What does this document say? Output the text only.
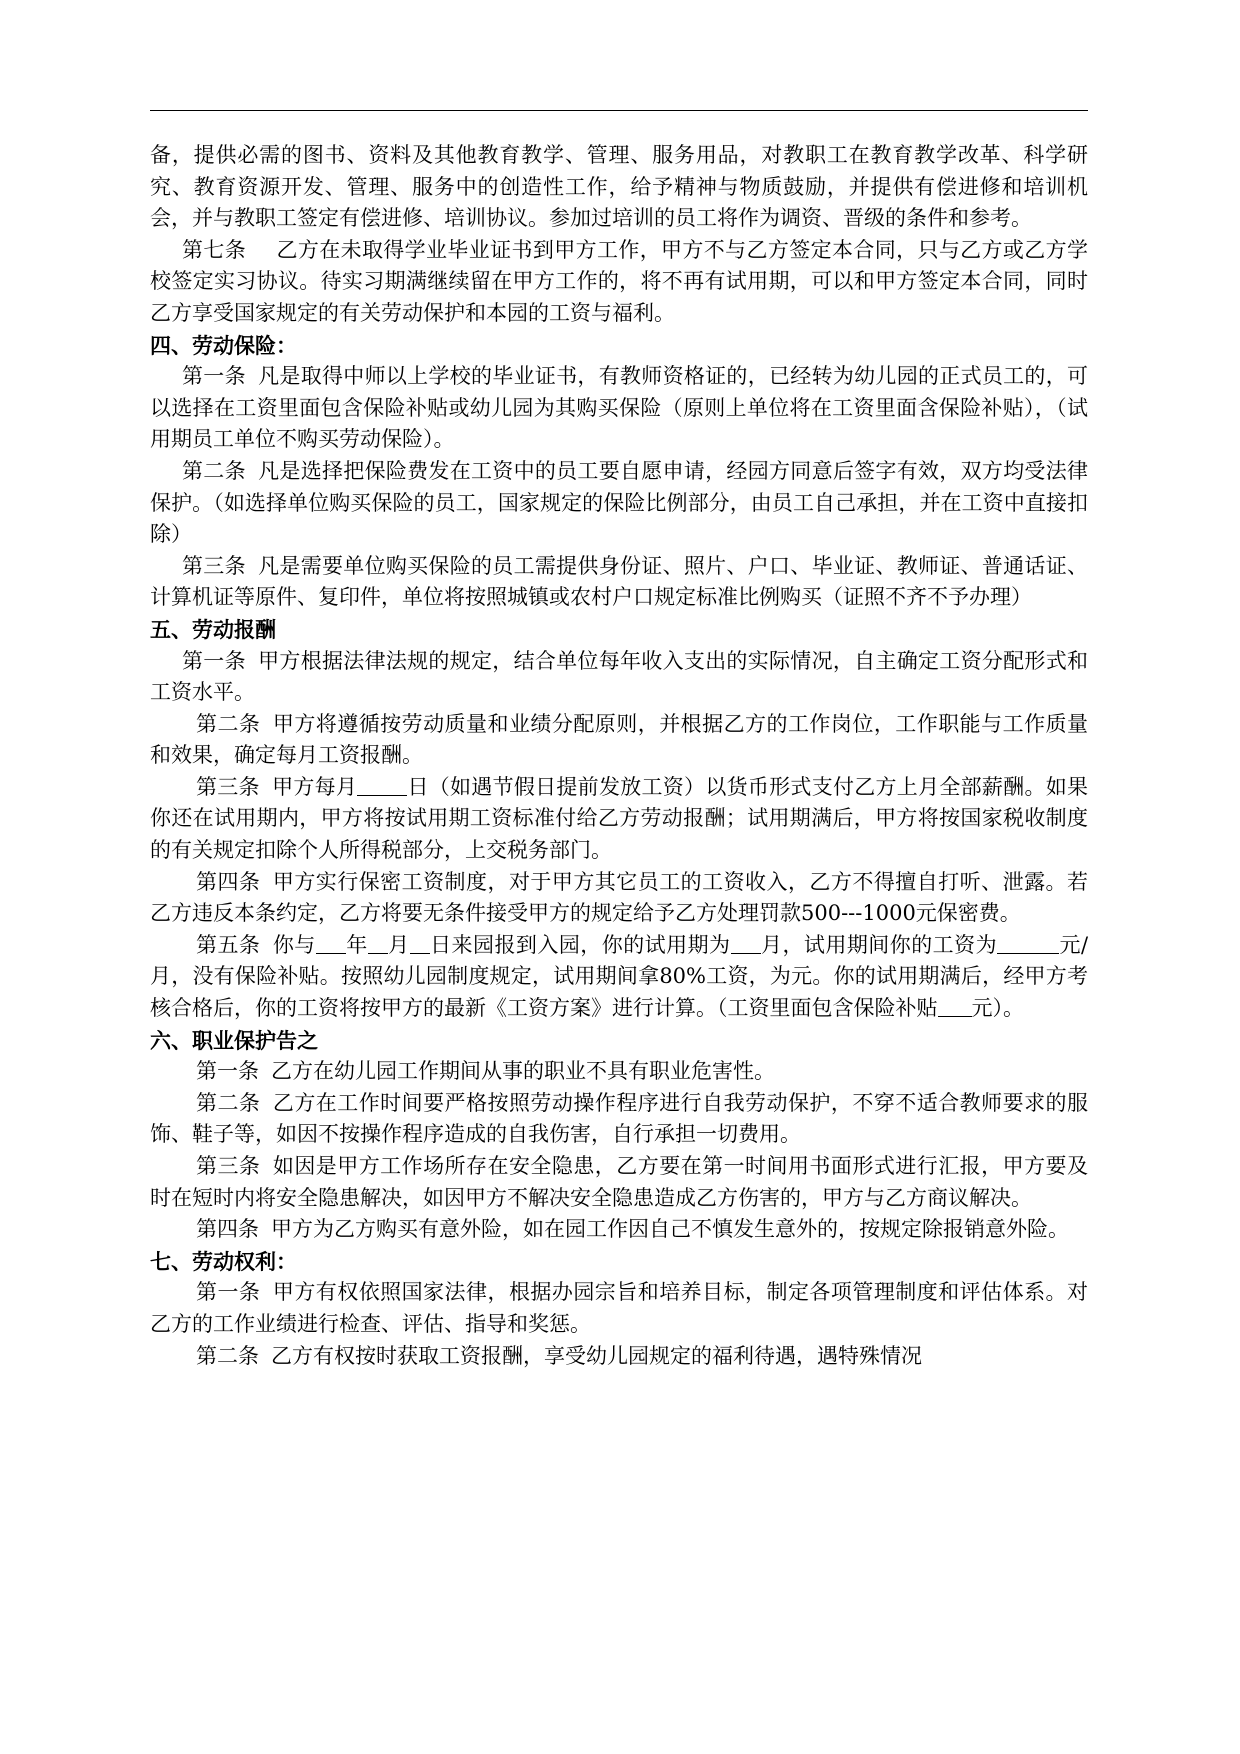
备，提供必需的图书、资料及其他教育教学、管理、服务用品，对教职工在教育教学改革、科学研究、教育资源开发、管理、服务中的创造性工作，给予精神与物质鼓励，并提供有偿进修和培训机会，并与教职工签定有偿进修、培训协议。参加过培训的员工将作为调资、晋级的条件和参考。

第七条 乙方在未取得学业毕业证书到甲方工作，甲方不与乙方签定本合同，只与乙方或乙方学校签定实习协议。待实习期满继续留在甲方工作的，将不再有试用期，可以和甲方签定本合同，同时乙方享受国家规定的有关劳动保护和本园的工资与福利。

四、劳动保险：

第一条 凡是取得中师以上学校的毕业证书，有教师资格证的，已经转为幼儿园的正式员工的，可以选择在工资里面包含保险补贴或幼儿园为其购买保险（原则上单位将在工资里面含保险补贴），（试用期员工单位不购买劳动保险）。

第二条 凡是选择把保险费发在工资中的员工要自愿申请，经园方同意后签字有效，双方均受法律保护。（如选择单位购买保险的员工，国家规定的保险比例部分，由员工自己承担，并在工资中直接扣除）

第三条 凡是需要单位购买保险的员工需提供身份证、照片、户口、毕业证、教师证、普通话证、计算机证等原件、复印件，单位将按照城镇或农村户口规定标准比例购买（证照不齐不予办理）

五、劳动报酬

第一条 甲方根据法律法规的规定，结合单位每年收入支出的实际情况，自主确定工资分配形式和工资水平。

第二条 甲方将遵循按劳动质量和业绩分配原则，并根据乙方的工作岗位，工作职能与工作质量和效果，确定每月工资报酬。

第三条 甲方每月 日（如遇节假日提前发放工资）以货币形式支付乙方上月全部薪酬。如果你还在试用期内，甲方将按试用期工资标准付给乙方劳动报酬；试用期满后，甲方将按国家税收制度的有关规定扣除个人所得税部分，上交税务部门。

第四条 甲方实行保密工资制度，对于甲方其它员工的工资收入，乙方不得擅自打听、泄露。若乙方违反本条约定，乙方将要无条件接受甲方的规定给予乙方处理罚款500---1000元保密费。

第五条 你与 年 月 日来园报到入园，你的试用期为 月，试用期间你的工资为	元/月，没有保险补贴。按照幼儿园制度规定，试用期间拿80%工资，为元。你的试用期满后，经甲方考核合格后，你的工资将按甲方的最新《工资方案》进行计算。（工资里面包含保险补贴 元）。

六、职业保护告之

第一条 乙方在幼儿园工作期间从事的职业不具有职业危害性。

第二条 乙方在工作时间要严格按照劳动操作程序进行自我劳动保护，不穿不适合教师要求的服饰、鞋子等，如因不按操作程序造成的自我伤害，自行承担一切费用。

第三条 如因是甲方工作场所存在安全隐患，乙方要在第一时间用书面形式进行汇报，甲方要及时在短时内将安全隐患解决，如因甲方不解决安全隐患造成乙方伤害的，甲方与乙方商议解决。

第四条 甲方为乙方购买有意外险，如在园工作因自己不慎发生意外的，按规定除报销意外险。

七、劳动权利：

第一条 甲方有权依照国家法律，根据办园宗旨和培养目标，制定各项管理制度和评估体系。对乙方的工作业绩进行检查、评估、指导和奖惩。

第二条 乙方有权按时获取工资报酬，享受幼儿园规定的福利待遇，遇特殊情况
